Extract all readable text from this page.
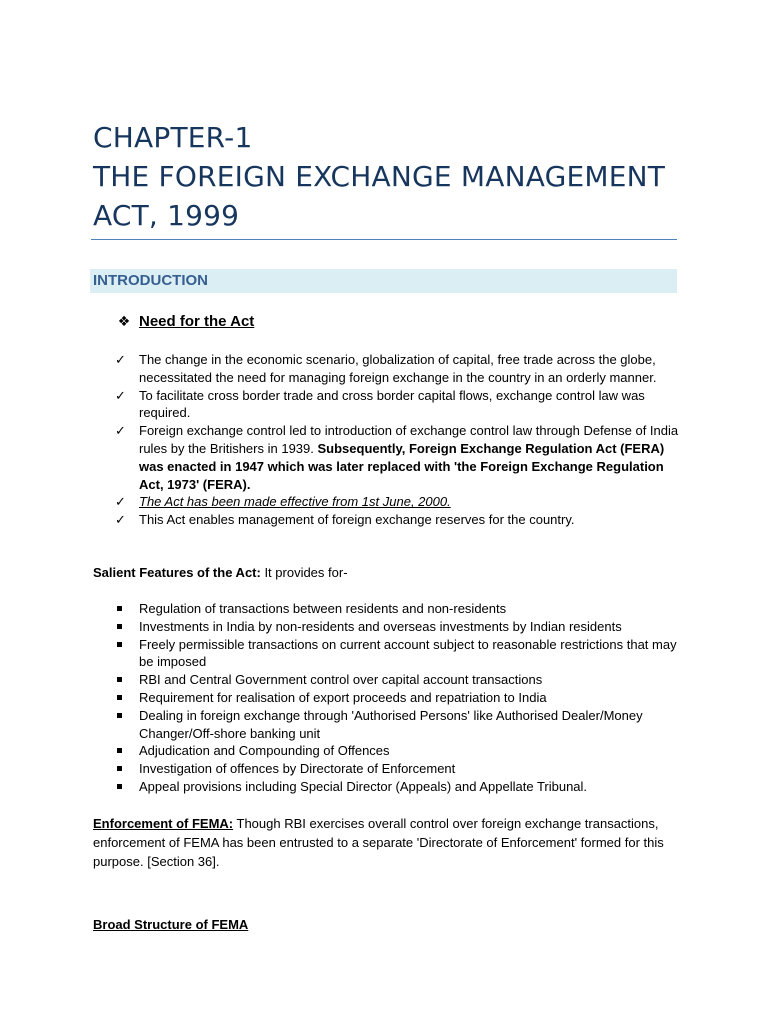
CHAPTER-1
THE FOREIGN EXCHANGE MANAGEMENT
ACT, 1999
INTRODUCTION
❖ Need for the Act
✓ The change in the economic scenario, globalization of capital, free trade across the globe, necessitated the need for managing foreign exchange in the country in an orderly manner.
✓ To facilitate cross border trade and cross border capital flows, exchange control law was required.
✓ Foreign exchange control led to introduction of exchange control law through Defense of India rules by the Britishers in 1939. Subsequently, Foreign Exchange Regulation Act (FERA) was enacted in 1947 which was later replaced with 'the Foreign Exchange Regulation Act, 1973' (FERA).
✓ The Act has been made effective from 1st June, 2000.
✓ This Act enables management of foreign exchange reserves for the country.
Salient Features of the Act: It provides for-
Regulation of transactions between residents and non-residents
Investments in India by non-residents and overseas investments by Indian residents
Freely permissible transactions on current account subject to reasonable restrictions that may be imposed
RBI and Central Government control over capital account transactions
Requirement for realisation of export proceeds and repatriation to India
Dealing in foreign exchange through 'Authorised Persons' like Authorised Dealer/Money Changer/Off-shore banking unit
Adjudication and Compounding of Offences
Investigation of offences by Directorate of Enforcement
Appeal provisions including Special Director (Appeals) and Appellate Tribunal.
Enforcement of FEMA: Though RBI exercises overall control over foreign exchange transactions, enforcement of FEMA has been entrusted to a separate 'Directorate of Enforcement' formed for this purpose. [Section 36].
Broad Structure of FEMA
